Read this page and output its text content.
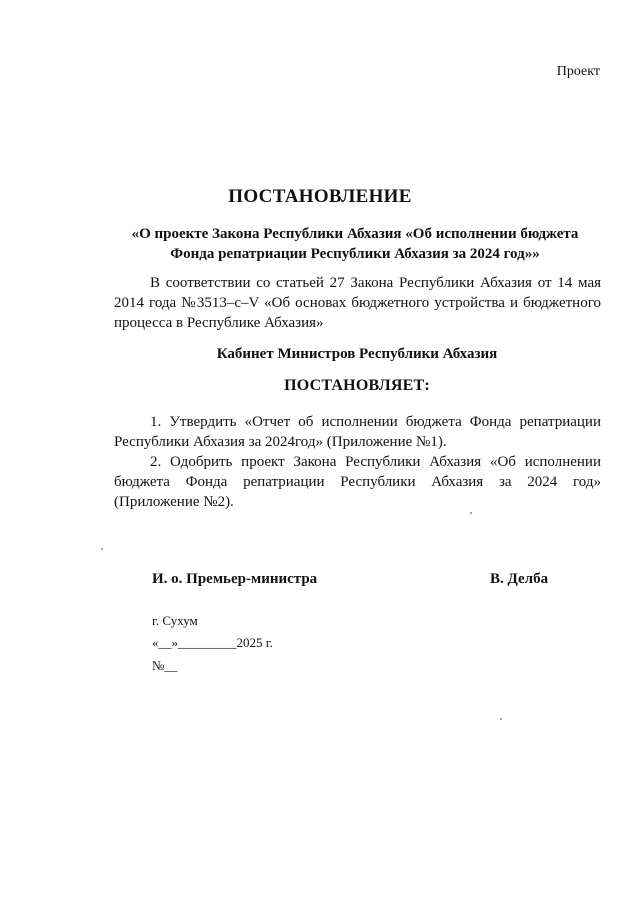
Проект
ПОСТАНОВЛЕНИЕ
«О проекте Закона Республики Абхазия «Об исполнении бюджета
Фонда репатриации Республики Абхазия за 2024 год»»
В соответствии со статьей 27 Закона Республики Абхазия от 14 мая 2014 года №3513–с–V «Об основах бюджетного устройства и бюджетного процесса в Республике Абхазия»
Кабинет Министров Республики Абхазия
ПОСТАНОВЛЯЕТ:

1. Утвердить «Отчет об исполнении бюджета Фонда репатриации Республики Абхазия за 2024год» (Приложение №1).

2. Одобрить проект Закона Республики Абхазия «Об исполнении бюджета Фонда репатриации Республики Абхазия за 2024 год» (Приложение №2).

И. о. Премьер-министра	В. Делба
г. Сухум
«__»_________2025 г.
№__
